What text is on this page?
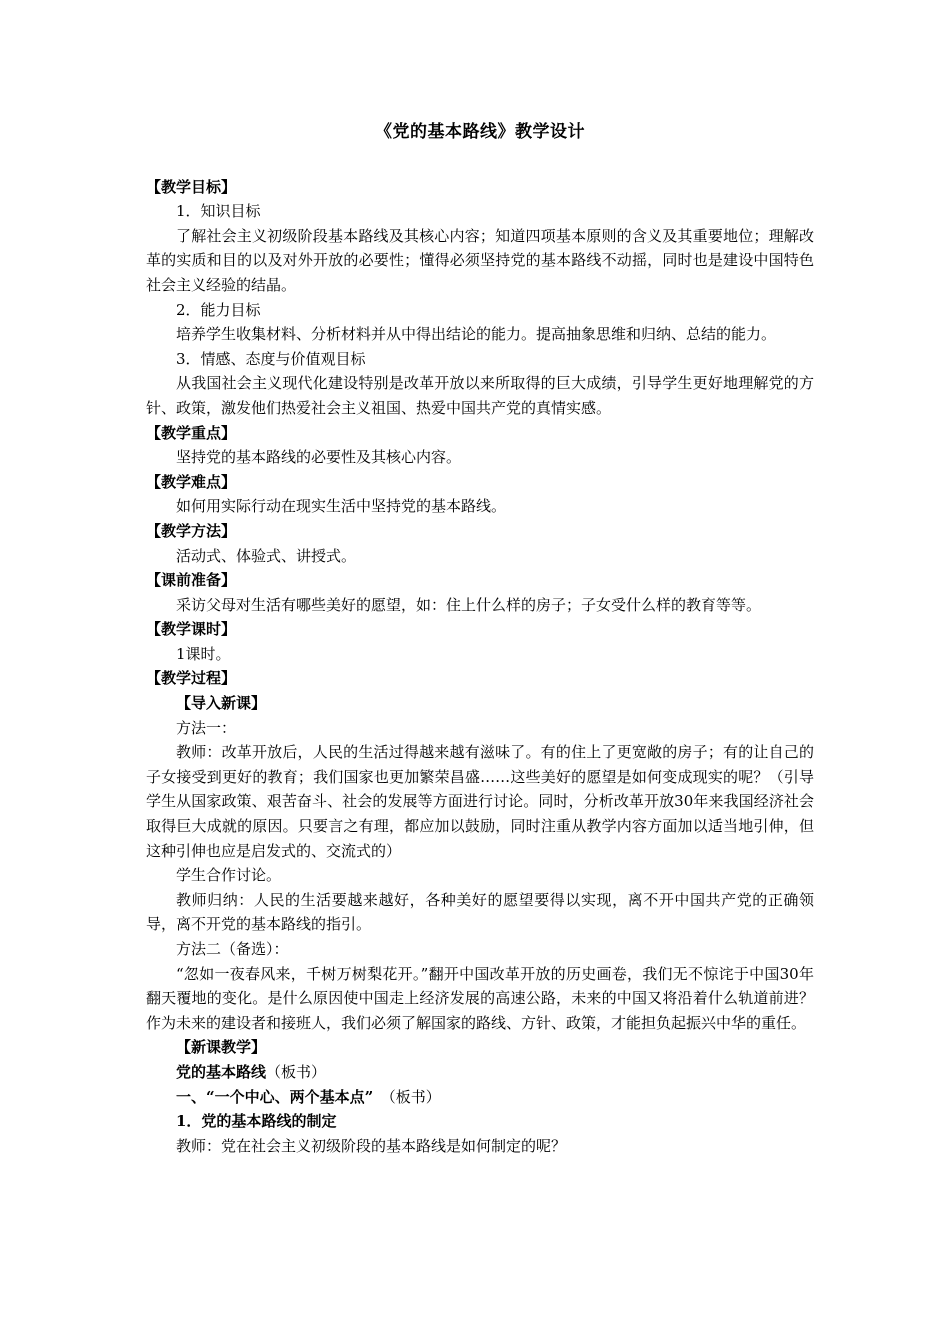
《党的基本路线》教学设计

【教学目标】

1．知识目标

了解社会主义初级阶段基本路线及其核心内容；知道四项基本原则的含义及其重要地位；理解改革的实质和目的以及对外开放的必要性；懂得必须坚持党的基本路线不动摇，同时也是建设中国特色社会主义经验的结晶。

2．能力目标

培养学生收集材料、分析材料并从中得出结论的能力。提高抽象思维和归纳、总结的能力。

3．情感、态度与价值观目标

从我国社会主义现代化建设特别是改革开放以来所取得的巨大成绩，引导学生更好地理解党的方针、政策，激发他们热爱社会主义祖国、热爱中国共产党的真情实感。

【教学重点】

坚持党的基本路线的必要性及其核心内容。

【教学难点】

如何用实际行动在现实生活中坚持党的基本路线。

【教学方法】

活动式、体验式、讲授式。

【课前准备】

采访父母对生活有哪些美好的愿望，如：住上什么样的房子；子女受什么样的教育等等。

【教学课时】

1课时。

【教学过程】

【导入新课】

方法一：

教师：改革开放后，人民的生活过得越来越有滋味了。有的住上了更宽敞的房子；有的让自己的子女接受到更好的教育；我们国家也更加繁荣昌盛……这些美好的愿望是如何变成现实的呢？（引导学生从国家政策、艰苦奋斗、社会的发展等方面进行讨论。同时，分析改革开放30年来我国经济社会取得巨大成就的原因。只要言之有理，都应加以鼓励，同时注重从教学内容方面加以适当地引伸，但这种引伸也应是启发式的、交流式的）

学生合作讨论。

教师归纳：人民的生活要越来越好，各种美好的愿望要得以实现，离不开中国共产党的正确领导，离不开党的基本路线的指引。

方法二（备选）：

“忽如一夜春风来，千树万树梨花开。”翻开中国改革开放的历史画卷，我们无不惊诧于中国30年翻天覆地的变化。是什么原因使中国走上经济发展的高速公路，未来的中国又将沿着什么轨道前进？作为未来的建设者和接班人，我们必须了解国家的路线、方针、政策，才能担负起振兴中华的重任。

【新课教学】

党的基本路线（板书）

一、“一个中心、两个基本点”　（板书）

1．党的基本路线的制定

教师：党在社会主义初级阶段的基本路线是如何制定的呢？
